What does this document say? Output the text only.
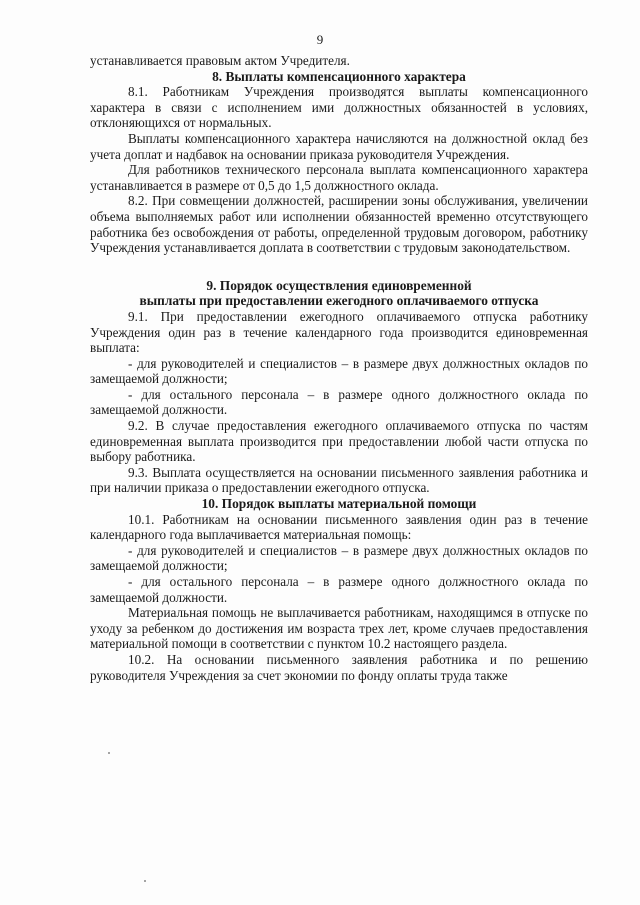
9

устанавливается правовым актом Учредителя.

8. Выплаты компенсационного характера

8.1. Работникам Учреждения производятся выплаты компенсационного характера в связи с исполнением ими должностных обязанностей в условиях, отклоняющихся от нормальных.

Выплаты компенсационного характера начисляются на должностной оклад без учета доплат и надбавок на основании приказа руководителя Учреждения.

Для работников технического персонала выплата компенсационного характера устанавливается в размере от 0,5 до 1,5 должностного оклада.

8.2. При совмещении должностей, расширении зоны обслуживания, увеличении объема выполняемых работ или исполнении обязанностей временно отсутствующего работника без освобождения от работы, определенной трудовым договором, работнику Учреждения устанавливается доплата в соответствии с трудовым законодательством.

9. Порядок осуществления единовременной

выплаты при предоставлении ежегодного оплачиваемого отпуска

9.1. При предоставлении ежегодного оплачиваемого отпуска работнику Учреждения один раз в течение календарного года производится единовременная выплата:

- для руководителей и специалистов – в размере двух должностных окладов по замещаемой должности;

- для остального персонала – в размере одного должностного оклада по замещаемой должности.

9.2. В случае предоставления ежегодного оплачиваемого отпуска по частям единовременная выплата производится при предоставлении любой части отпуска по выбору работника.

9.3. Выплата осуществляется на основании письменного заявления работника и при наличии приказа о предоставлении ежегодного отпуска.

10. Порядок выплаты материальной помощи

10.1. Работникам на основании письменного заявления один раз в течение календарного года выплачивается материальная помощь:

- для руководителей и специалистов – в размере двух должностных окладов по замещаемой должности;

- для остального персонала – в размере одного должностного оклада по замещаемой должности.

Материальная помощь не выплачивается работникам, находящимся в отпуске по уходу за ребенком до достижения им возраста трех лет, кроме случаев предоставления материальной помощи в соответствии с пунктом 10.2 настоящего раздела.

10.2. На основании письменного заявления работника и по решению руководителя Учреждения за счет экономии по фонду оплаты труда также
